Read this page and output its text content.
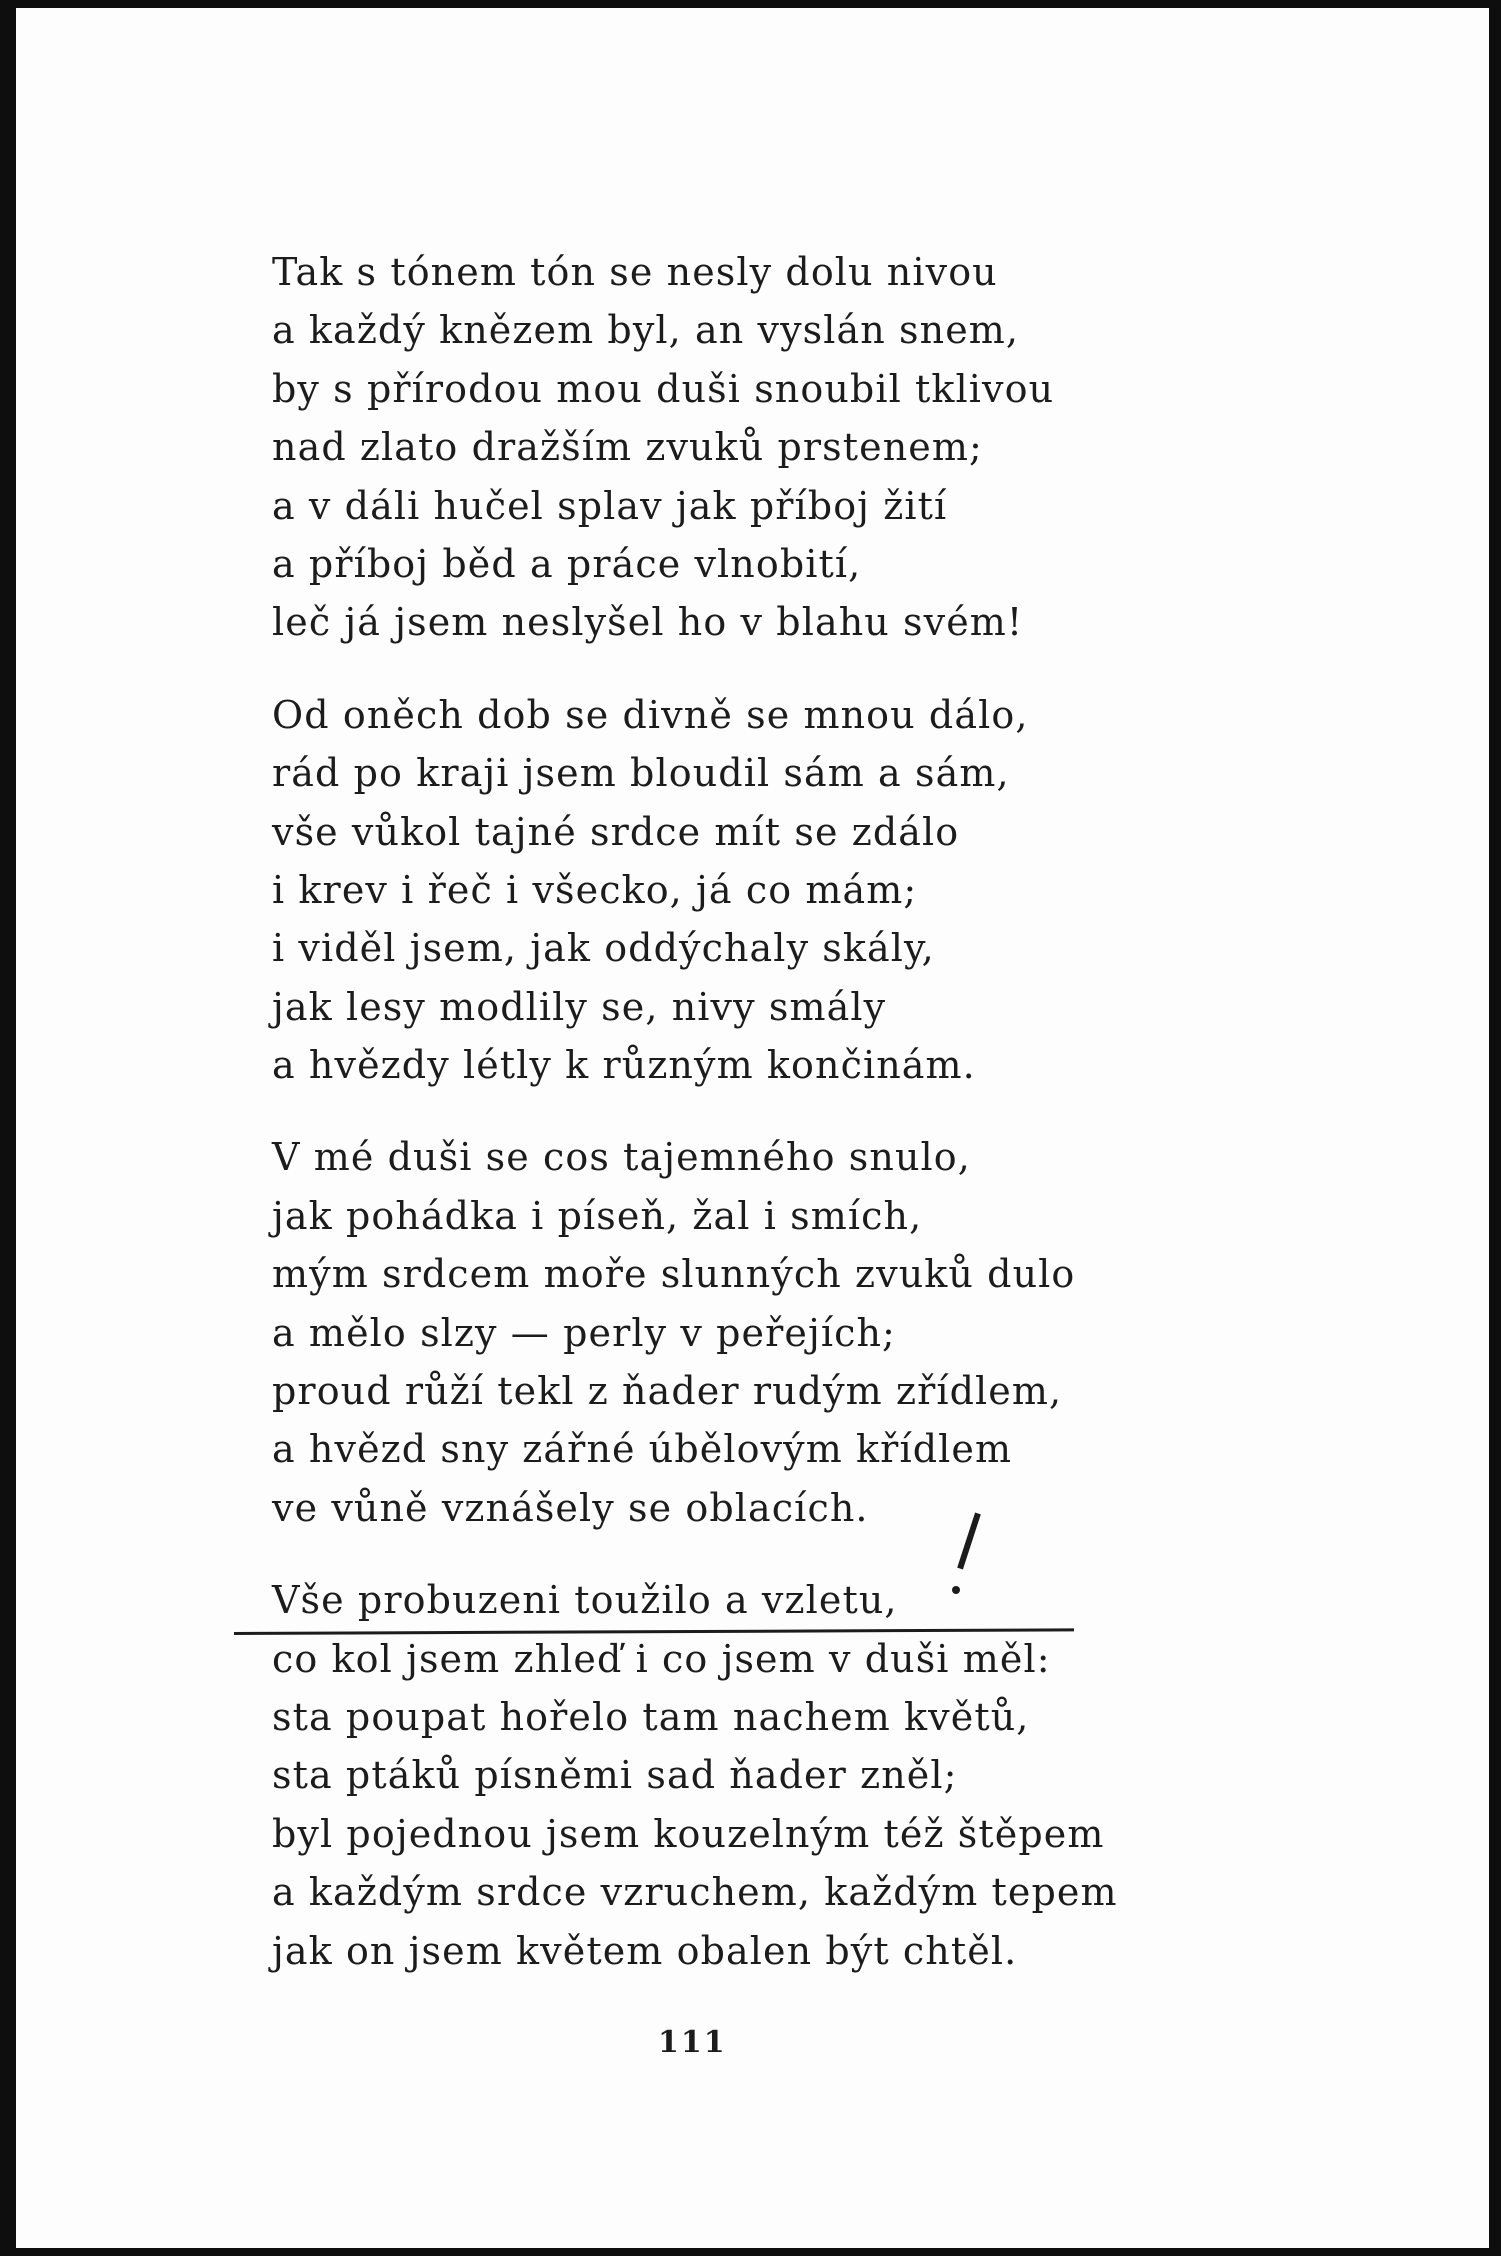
Tak s tónem tón se nesly dolu nivou
a každý knězem byl, an vyslán snem,
by s přírodou mou duši snoubil tklivou
nad zlato dražším zvuků prstenem;
a v dáli hučel splav jak příboj žití
a příboj běd a práce vlnobití,
leč já jsem neslyšel ho v blahu svém!
Od oněch dob se divně se mnou dálo,
rád po kraji jsem bloudil sám a sám,
vše vůkol tajné srdce mít se zdálo
i krev i řeč i všecko, já co mám;
i viděl jsem, jak oddýchaly skály,
jak lesy modlily se, nivy smály
a hvězdy létly k různým končinám.
V mé duši se cos tajemného snulo,
jak pohádka i píseň, žal i smích,
mým srdcem moře slunných zvuků dulo
a mělo slzy — perly v peřejích;
proud růží tekl z ňader rudým zřídlem,
a hvězd sny zářné úbělovým křídlem
ve vůně vznášely se oblacích.
Vše probuzeni toužilo a vzletu,
co kol jsem zhleď i co jsem v duši měl:
sta poupat hořelo tam nachem květů,
sta ptáků písněmi sad ňader zněl;
byl pojednou jsem kouzelným též štěpem
a každým srdce vzruchem, každým tepem
jak on jsem květem obalen být chtěl.
111
